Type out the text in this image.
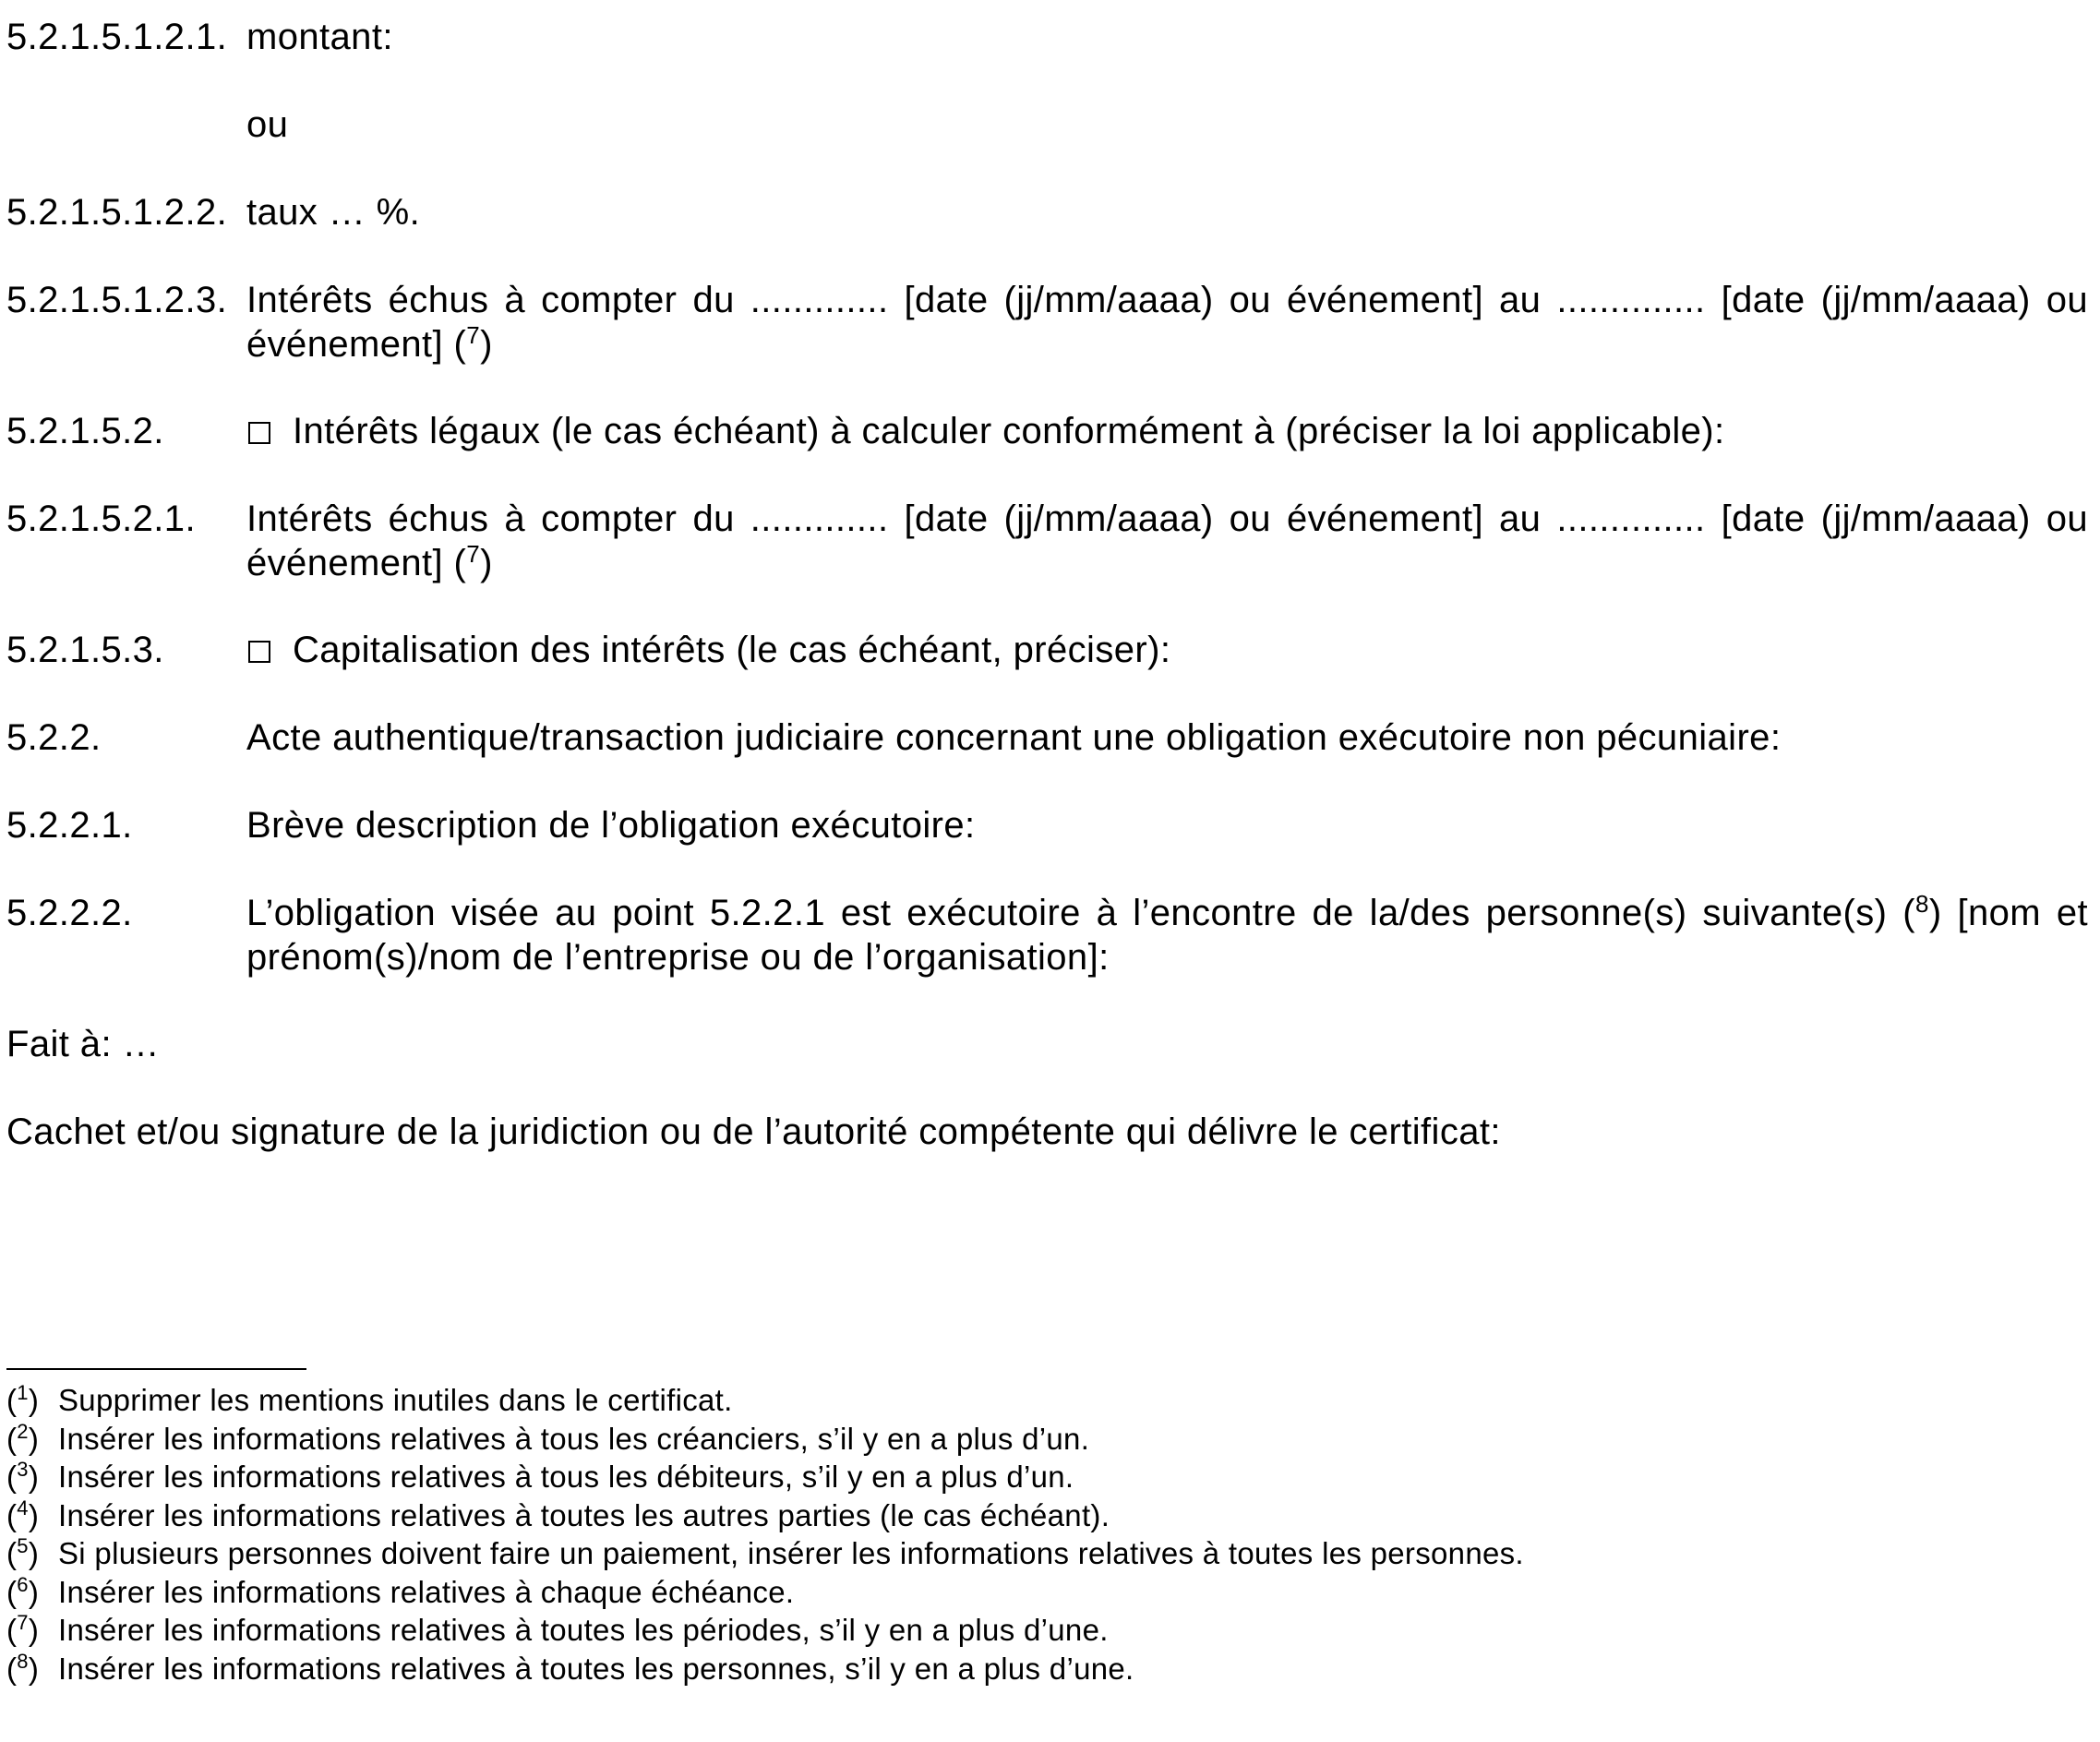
5.2.1.5.1.2.1. montant:
ou
5.2.1.5.1.2.2. taux … %.
5.2.1.5.1.2.3. Intérêts échus à compter du ............. [date (jj/mm/aaaa) ou événement] au .............. [date (jj/mm/aaaa) ou événement] ($^7$)
5.2.1.5.2.	Intérêts légaux (le cas échéant) à calculer conformément à (préciser la loi applicable):
5.2.1.5.2.1. Intérêts échus à compter du ............. [date (jj/mm/aaaa) ou événement] au .............. [date (jj/mm/aaaa) ou événement] ($^7$)
5.2.1.5.3.	Capitalisation des intérêts (le cas échéant, préciser):
5.2.2.	Acte authentique/transaction judiciaire concernant une obligation exécutoire non pécuniaire:
5.2.2.1.	Brève description de l’obligation exécutoire:
5.2.2.2.	L’obligation visée au point 5.2.2.1 est exécutoire à l’encontre de la/des personne(s) suivante(s) ($^8$) [nom et prénom(s)/nom de l’entreprise ou de l’organisation]:
Fait à: …
Cachet et/ou signature de la juridiction ou de l’autorité compétente qui délivre le certificat:
($^1$) Supprimer les mentions inutiles dans le certificat.
($^2$) Insérer les informations relatives à tous les créanciers, s’il y en a plus d’un.
($^3$) Insérer les informations relatives à tous les débiteurs, s’il y en a plus d’un.
($^4$) Insérer les informations relatives à toutes les autres parties (le cas échéant).
($^5$) Si plusieurs personnes doivent faire un paiement, insérer les informations relatives à toutes les personnes.
($^6$) Insérer les informations relatives à chaque échéance.
($^7$) Insérer les informations relatives à toutes les périodes, s’il y en a plus d’une.
($^8$) Insérer les informations relatives à toutes les personnes, s’il y en a plus d’une.
